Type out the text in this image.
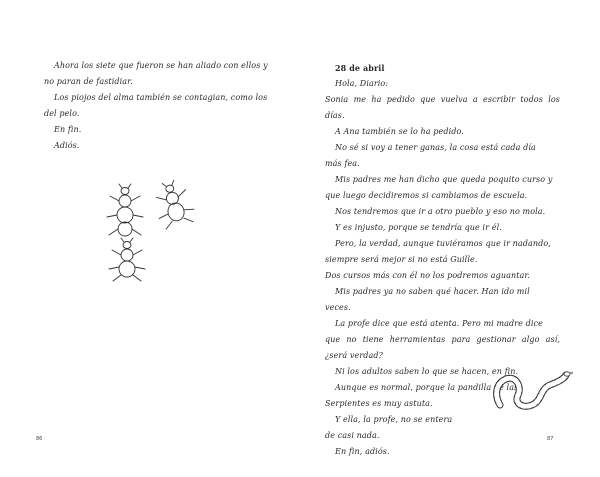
Ahora los siete que fueron se han aliado con ellos y
no paran de fastidiar.
Los piojos del alma también se contagian, como los
del pelo.
En fin.
Adiós.
86
28 de abril
Hola, Diario:
Sonia me ha pedido que vuelva a escribir todos los
días.
A Ana también se lo ha pedido.
No sé si voy a tener ganas, la cosa está cada día
más fea.
Mis padres me han dicho que queda poquito curso y
que luego decidiremos si cambiamos de escuela.
Nos tendremos que ir a otro pueblo y eso no mola.
Y es injusto, porque se tendría que ir él.
Pero, la verdad, aunque tuviéramos que ir nadando,
siempre será mejor si no está Guille.
Dos cursos más con él no los podremos aguantar.
Mis padres ya no saben qué hacer. Han ido mil
veces.
La profe dice que está atenta. Pero mi madre dice
que no tiene herramientas para gestionar algo así,
¿será verdad?
Ni los adultos saben lo que se hacen, en fin.
Aunque es normal, porque la pandilla de las
Serpientes es muy astuta.
Y ella, la profe, no se entera
de casi nada.
En fin, adiós.
87
